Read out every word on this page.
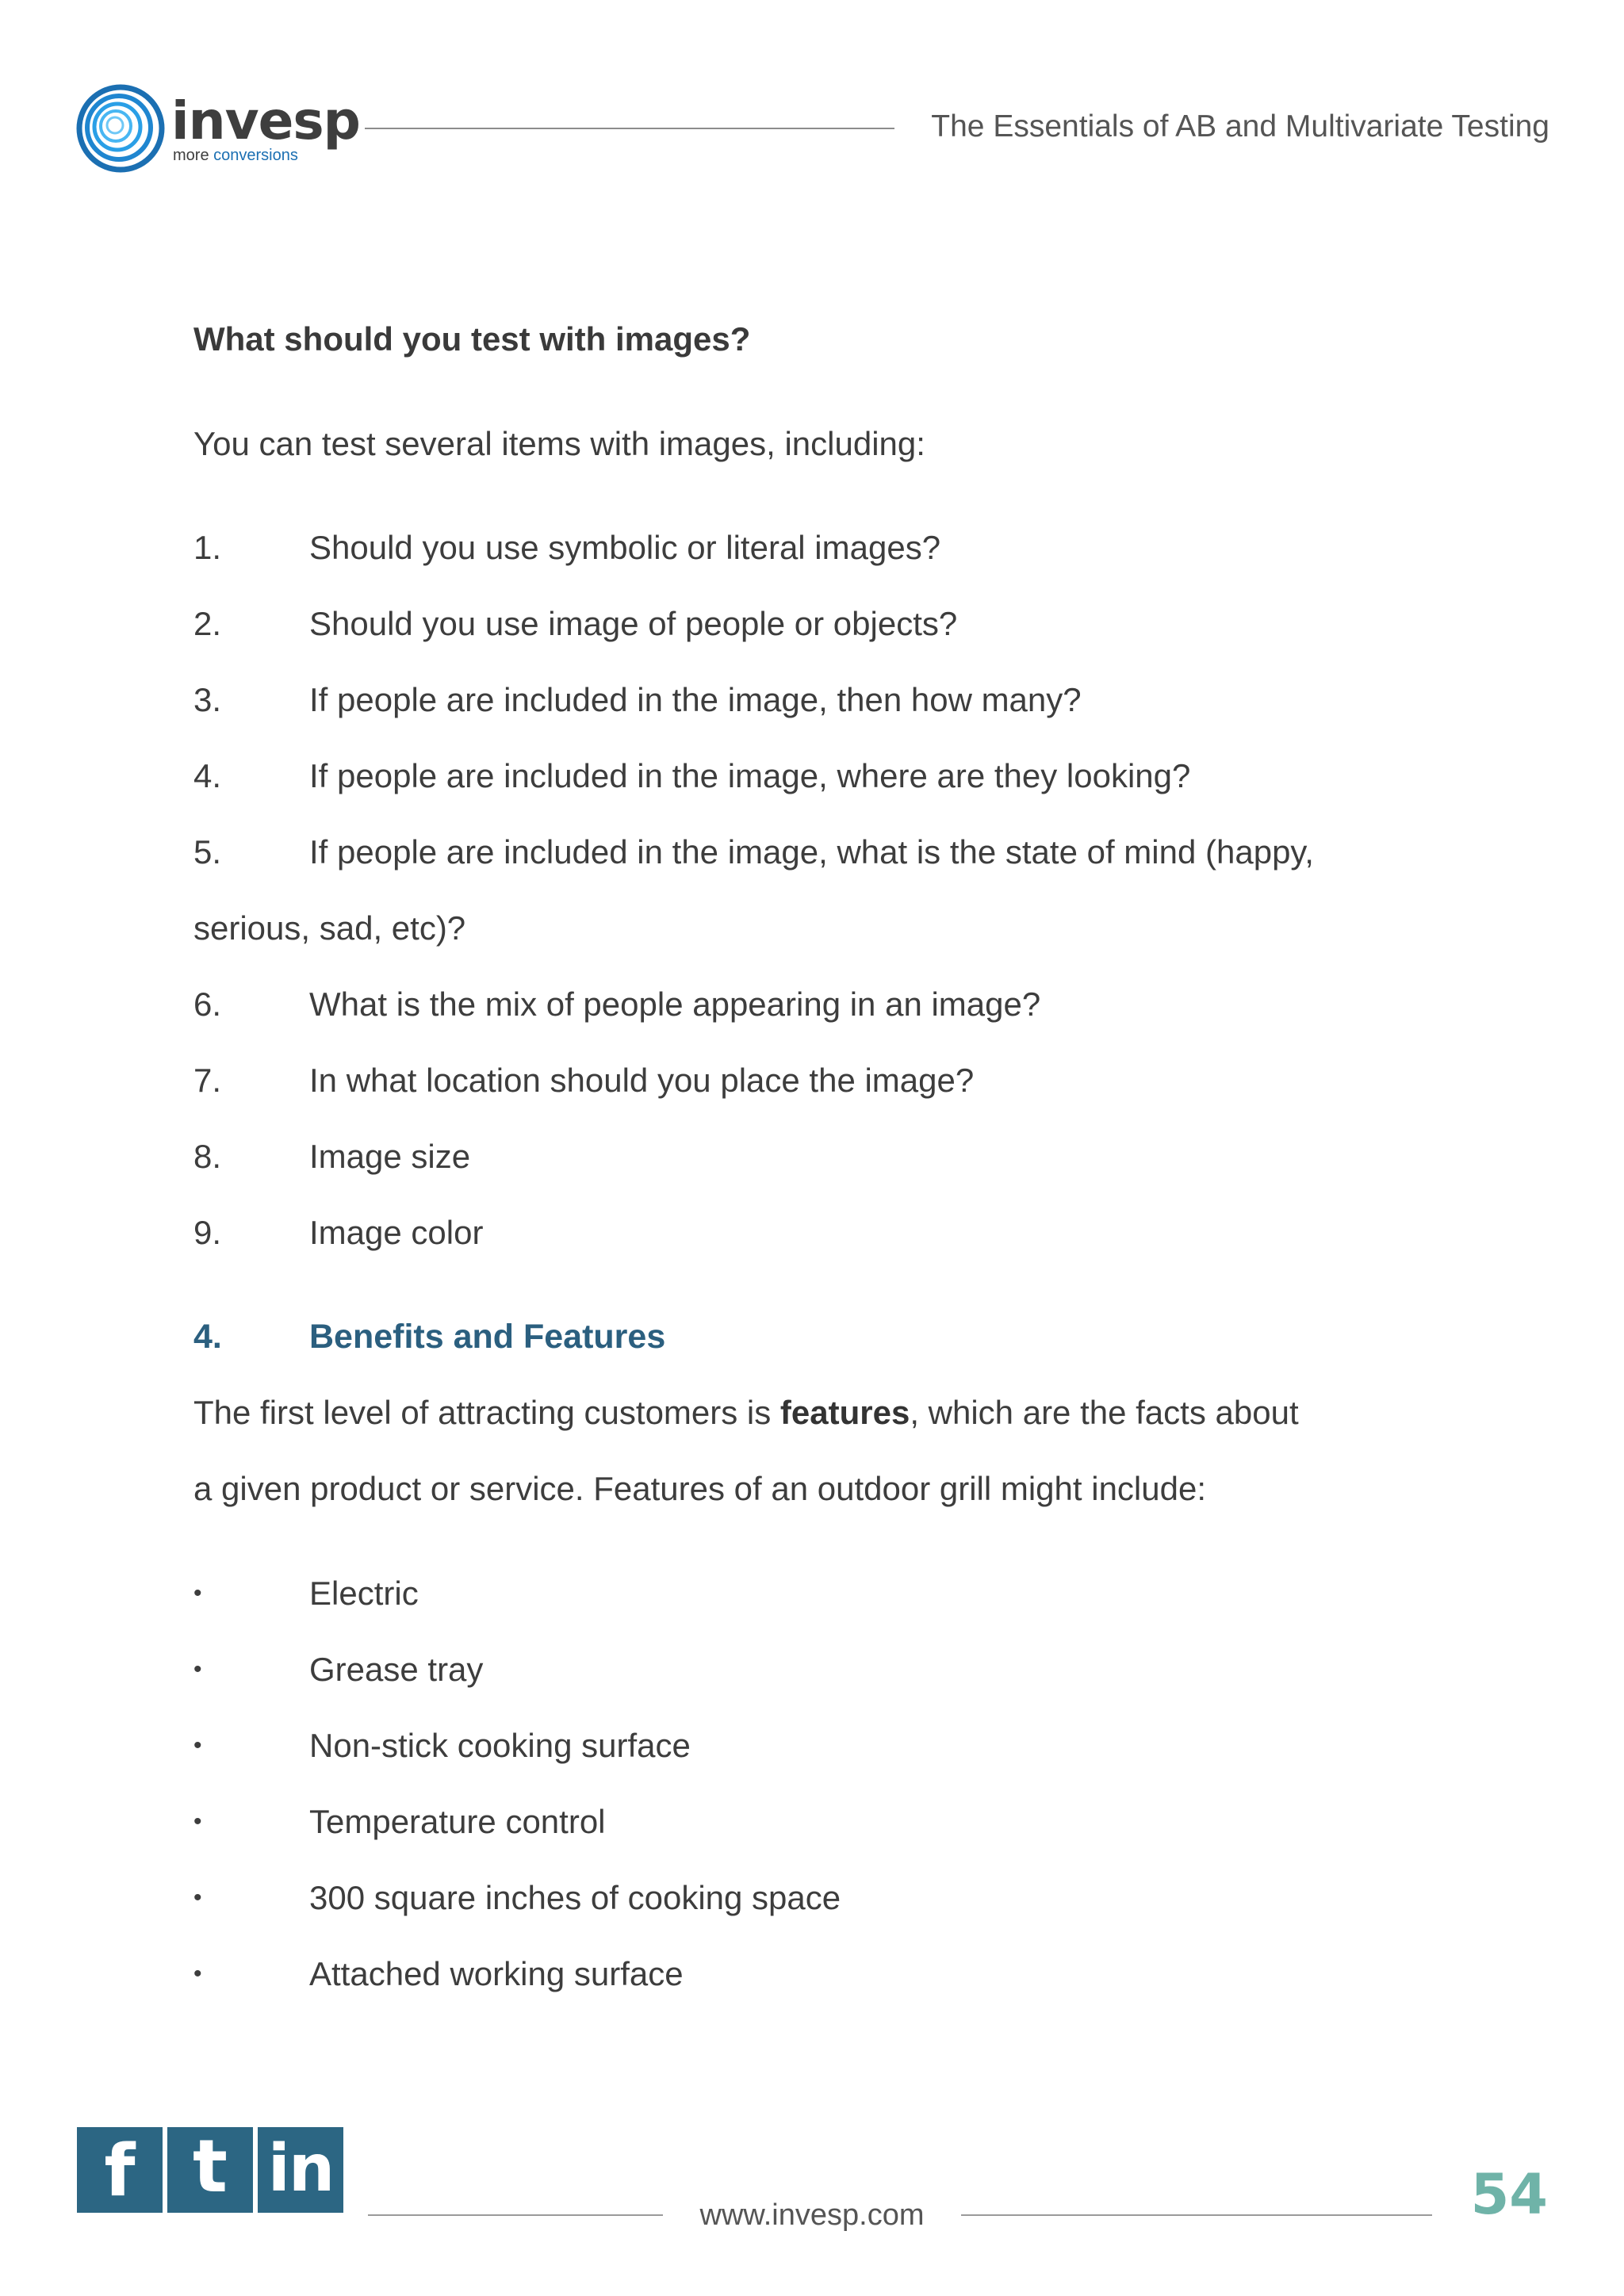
invesp
more conversions
The Essentials of AB and Multivariate Testing
What should you test with images?
You can test several items with images, including:
1.	Should you use symbolic or literal images?
2.	Should you use image of people or objects?
3.	If people are included in the image, then how many?
4.	If people are included in the image, where are they looking?
5.	If people are included in the image, what is the state of mind (happy,
serious, sad, etc)?
6.	What is the mix of people appearing in an image?
7.	In what location should you place the image?
8.	Image size
9.	Image color
4.	Benefits and Features
The first level of attracting customers is features, which are the facts about
a given product or service. Features of an outdoor grill might include:
•	Electric
•	Grease tray
•	Non-stick cooking surface
•	Temperature control
•	300 square inches of cooking space
•	Attached working surface
f t in
www.invesp.com	54
